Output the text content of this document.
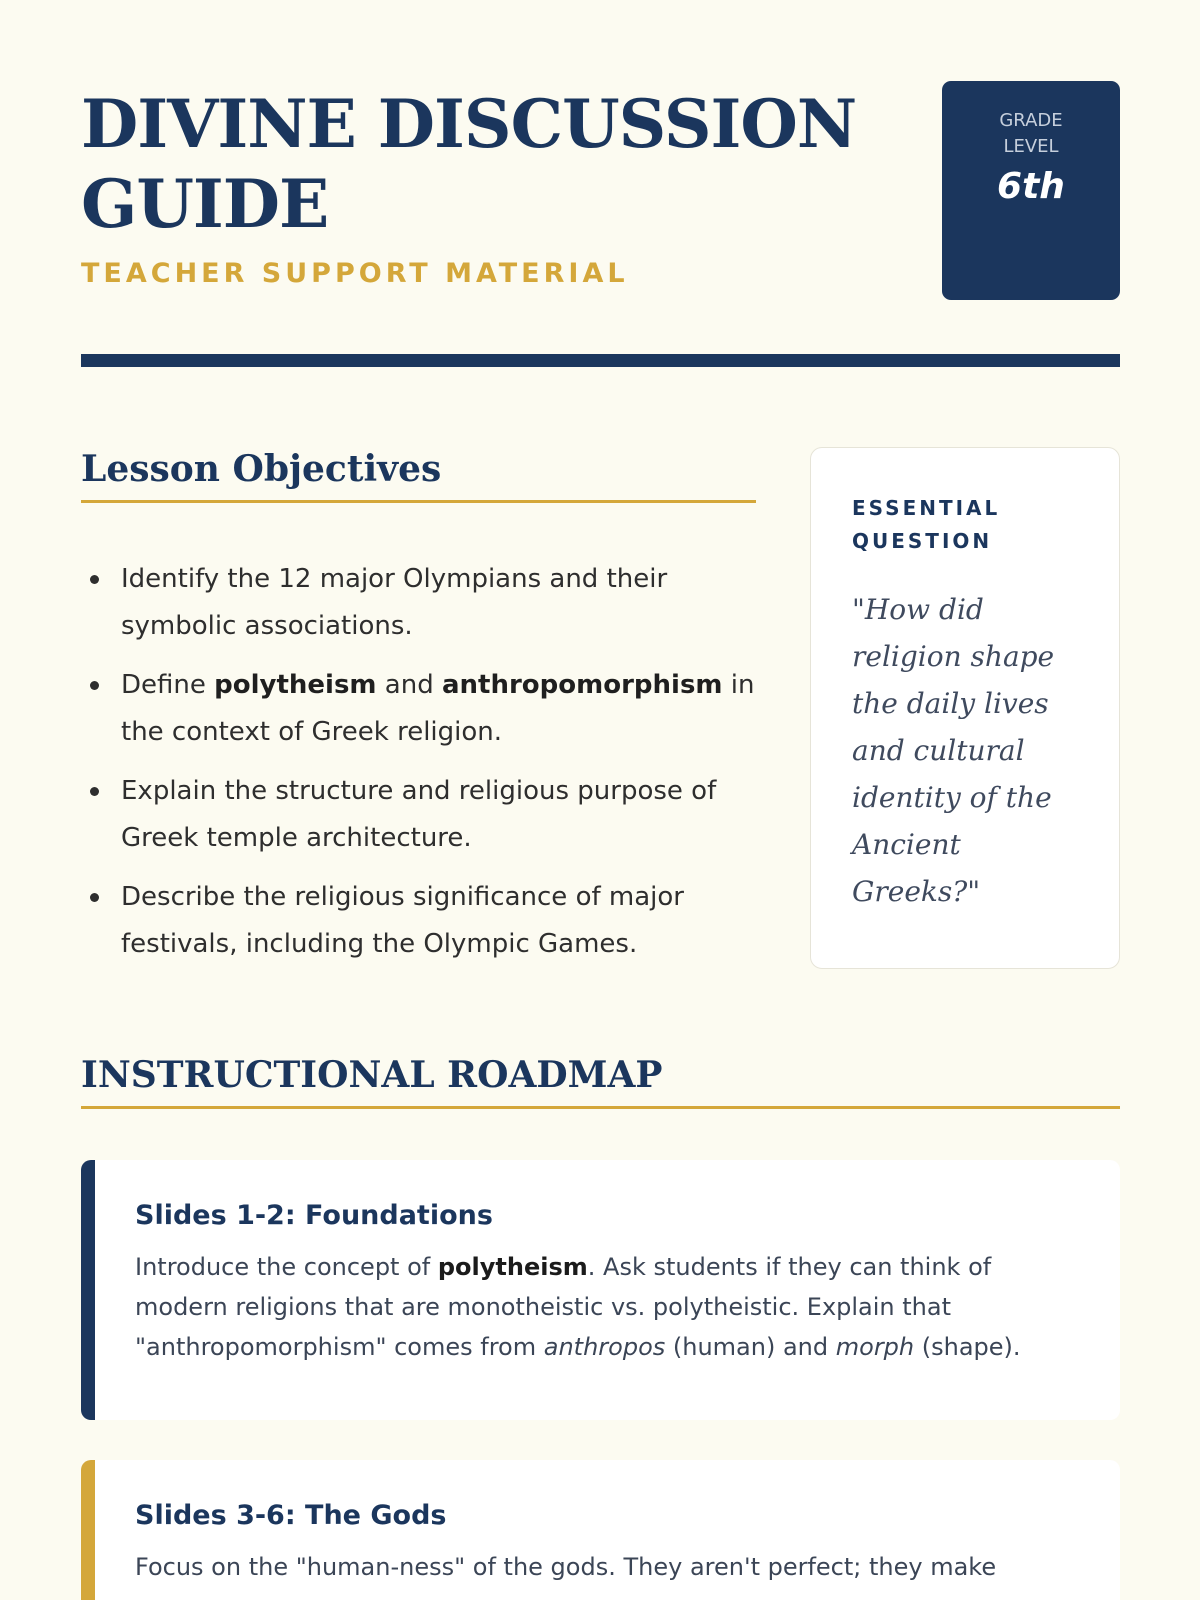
DIVINE DISCUSSION GUIDE
TEACHER SUPPORT MATERIAL
GRADE LEVEL
6th
Lesson Objectives
Identify the 12 major Olympians and their symbolic associations.
Define polytheism and anthropomorphism in the context of Greek religion.
Explain the structure and religious purpose of Greek temple architecture.
Describe the religious significance of major festivals, including the Olympic Games.
ESSENTIAL QUESTION

"How did religion shape the daily lives and cultural identity of the Ancient Greeks?"

INSTRUCTIONAL ROADMAP
Slides 1-2: Foundations

Introduce the concept of polytheism. Ask students if they can think of modern religions that are monotheistic vs. polytheistic. Explain that "anthropomorphism" comes from anthropos (human) and morph (shape).

Slides 3-6: The Gods

Focus on the "human-ness" of the gods. They aren't perfect; they make
